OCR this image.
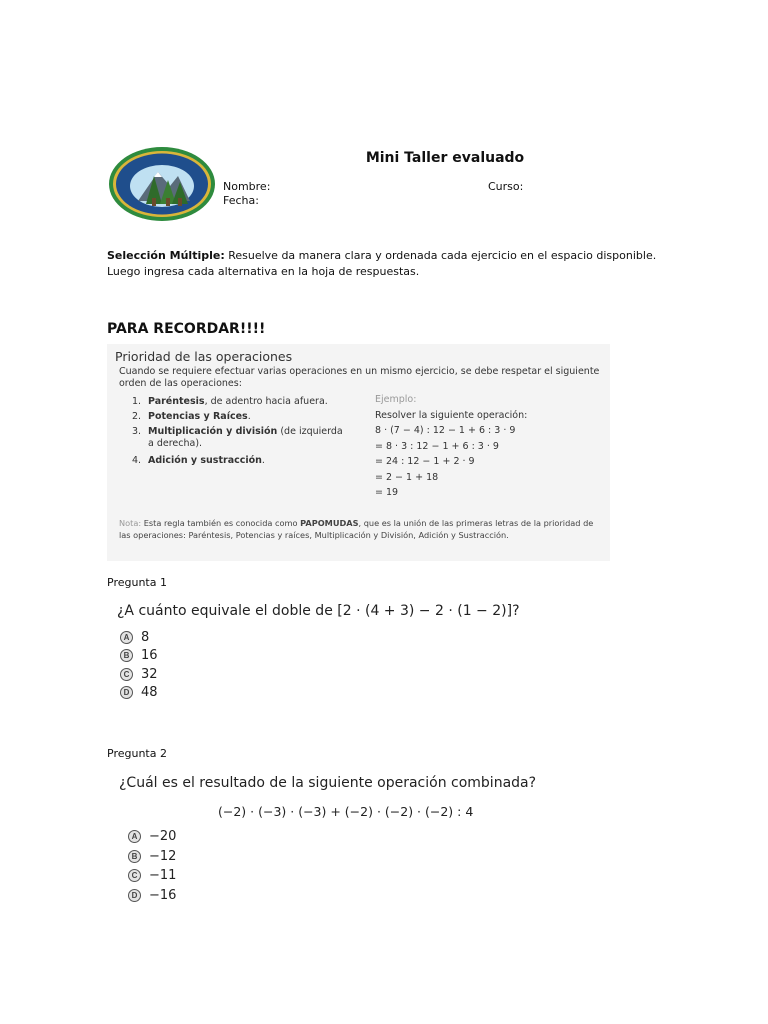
Mini Taller evaluado
Nombre:	Curso:
Fecha:
Selección Múltiple: Resuelve da manera clara y ordenada cada ejercicio en el espacio disponible. Luego ingresa cada alternativa en la hoja de respuestas.
PARA RECORDAR!!!!
Prioridad de las operaciones
Cuando se requiere efectuar varias operaciones en un mismo ejercicio, se debe respetar el siguiente orden de las operaciones:
1. Paréntesis, de adentro hacia afuera.
2. Potencias y Raíces.
3. Multiplicación y división (de izquierda a derecha).
4. Adición y sustracción.
Ejemplo:
Resolver la siguiente operación:
8 · (7 − 4) : 12 − 1 + 6 : 3 · 9
= 8 · 3 : 12 − 1 + 6 : 3 · 9
= 24 : 12 − 1 + 2 · 9
= 2 − 1 + 18
= 19
Nota: Esta regla también es conocida como PAPOMUDAS, que es la unión de las primeras letras de la prioridad de las operaciones: Paréntesis, Potencias y raíces, Multiplicación y División, Adición y Sustracción.
Pregunta 1
¿A cuánto equivale el doble de [2 · (4 + 3) − 2 · (1 − 2)]?
A 8
B 16
C 32
D 48
Pregunta 2
¿Cuál es el resultado de la siguiente operación combinada?
(−2) · (−3) · (−3) + (−2) · (−2) · (−2) : 4
A −20
B −12
C −11
D −16
